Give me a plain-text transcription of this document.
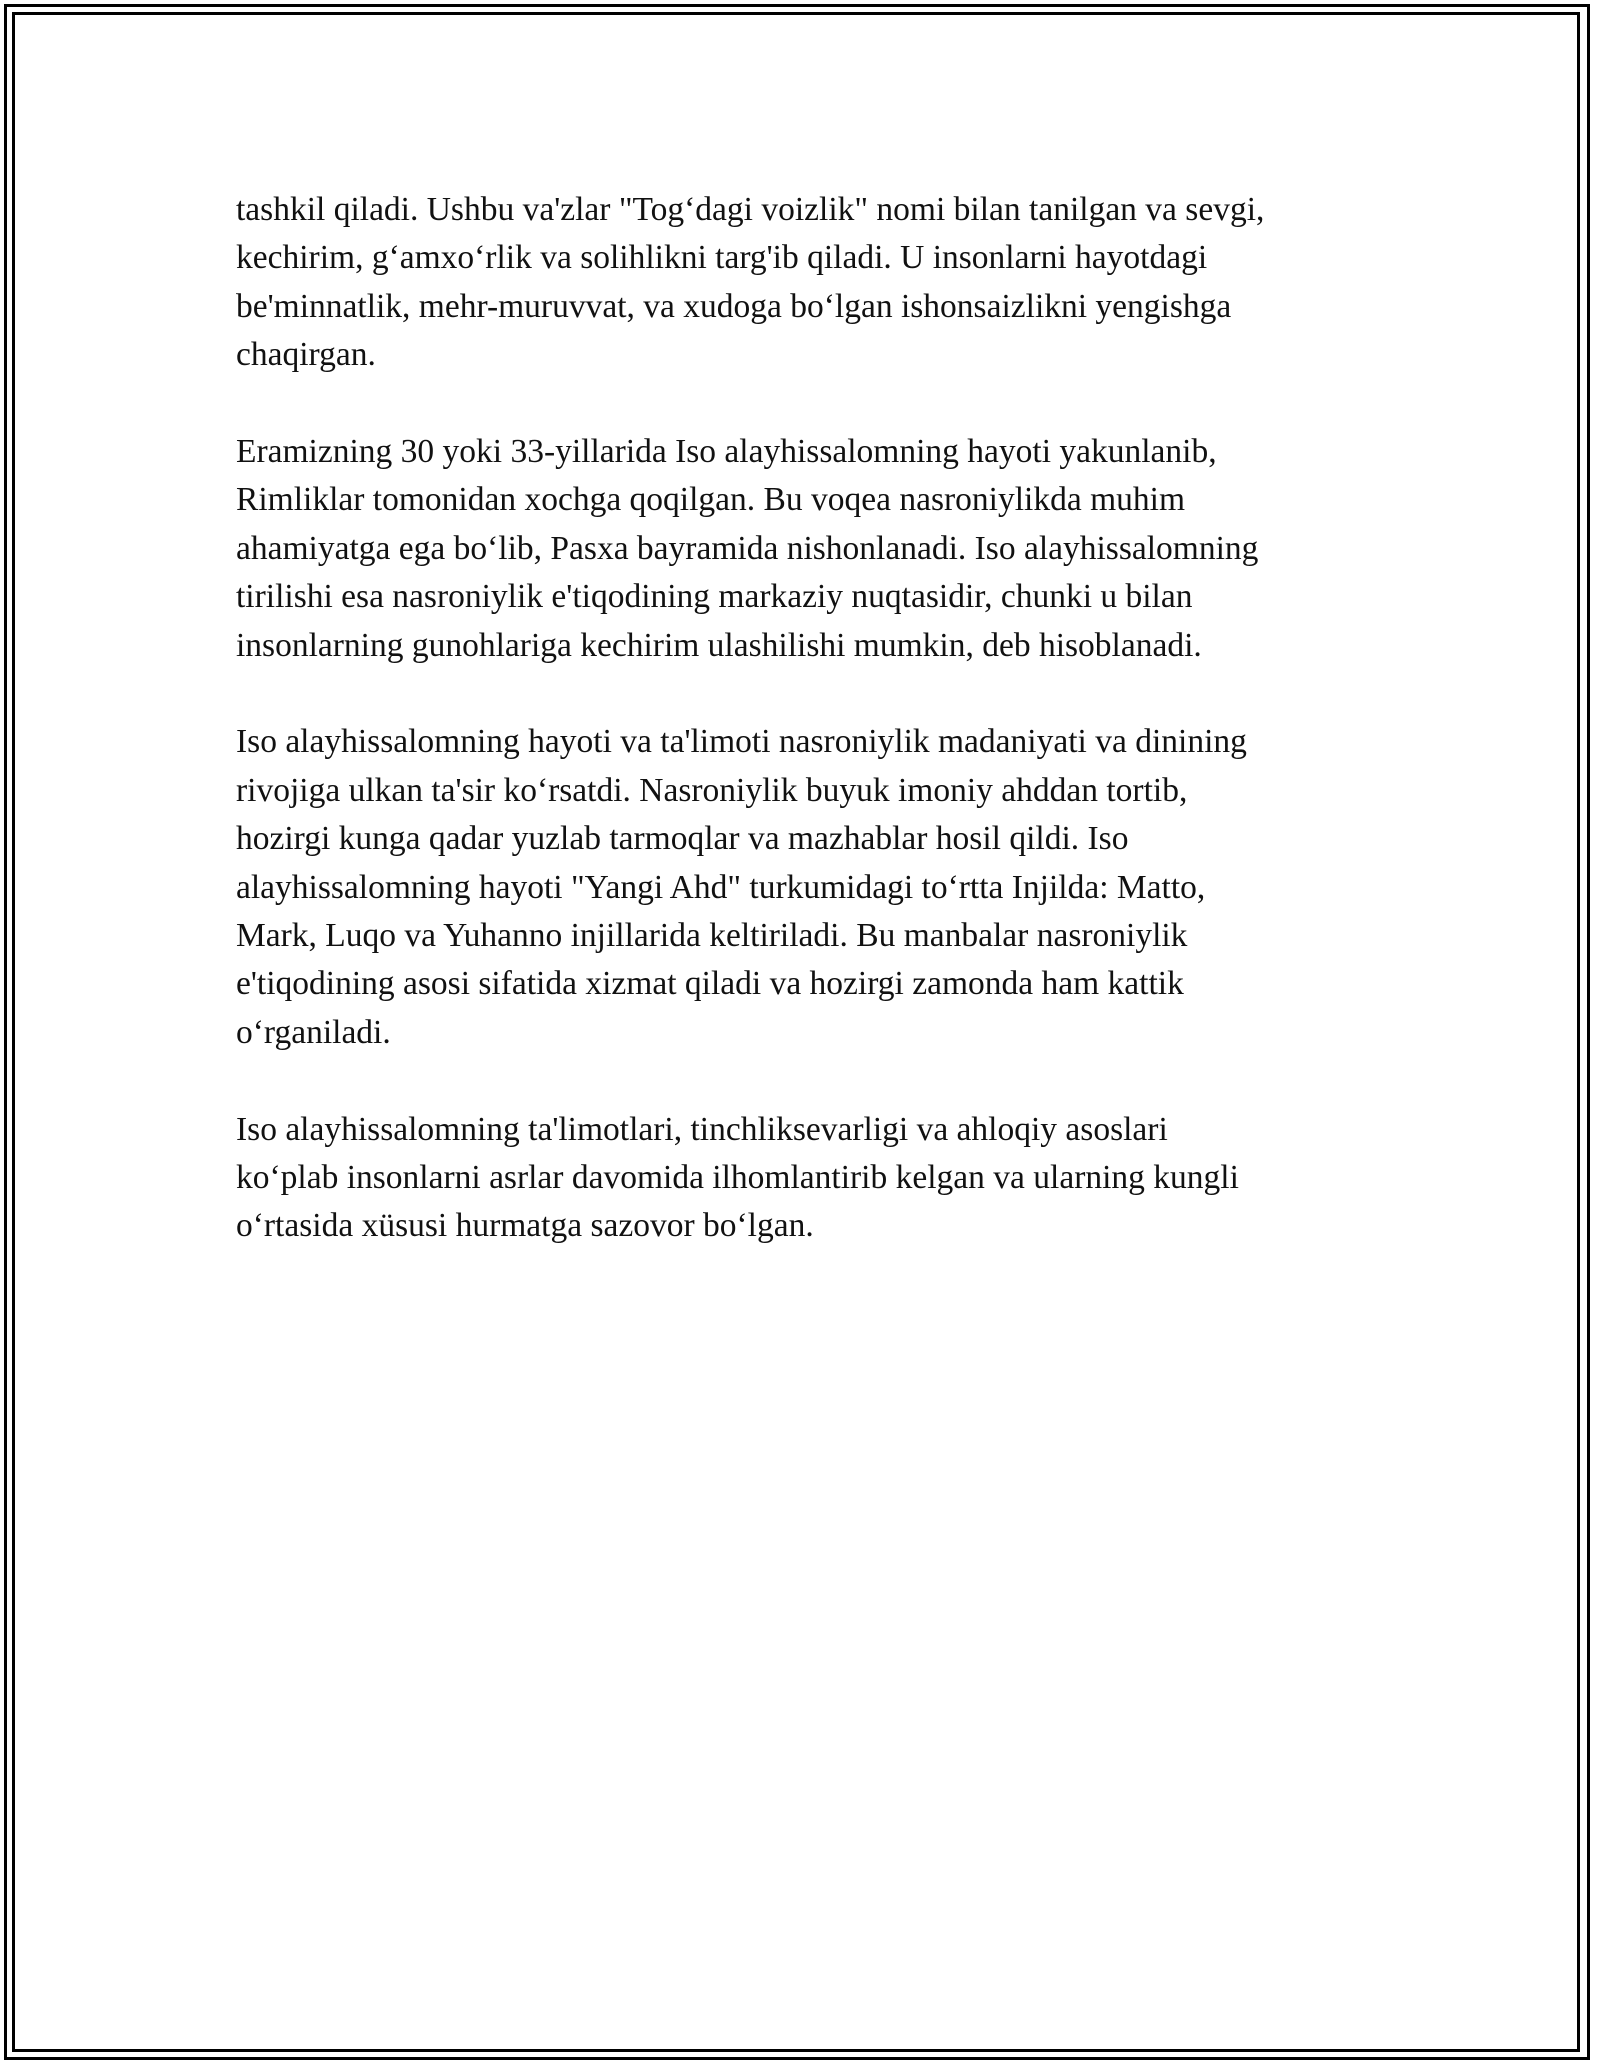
tashkil qiladi. Ushbu va'zlar "Tog‘dagi voizlik" nomi bilan tanilgan va sevgi,
kechirim, g‘amxo‘rlik va solihlikni targ'ib qiladi. U insonlarni hayotdagi
be'minnatlik, mehr-muruvvat, va xudoga bo‘lgan ishonsaizlikni yengishga
chaqirgan.

Eramizning 30 yoki 33-yillarida Iso alayhissalomning hayoti yakunlanib,
Rimliklar tomonidan xochga qoqilgan. Bu voqea nasroniylikda muhim
ahamiyatga ega bo‘lib, Pasxa bayramida nishonlanadi. Iso alayhissalomning
tirilishi esa nasroniylik e'tiqodining markaziy nuqtasidir, chunki u bilan
insonlarning gunohlariga kechirim ulashilishi mumkin, deb hisoblanadi.

Iso alayhissalomning hayoti va ta'limoti nasroniylik madaniyati va dinining
rivojiga ulkan ta'sir ko‘rsatdi. Nasroniylik buyuk imoniy ahddan tortib,
hozirgi kunga qadar yuzlab tarmoqlar va mazhablar hosil qildi. Iso
alayhissalomning hayoti "Yangi Ahd" turkumidagi to‘rtta Injilda: Matto,
Mark, Luqo va Yuhanno injillarida keltiriladi. Bu manbalar nasroniylik
e'tiqodining asosi sifatida xizmat qiladi va hozirgi zamonda ham kattik
o‘rganiladi.

Iso alayhissalomning ta'limotlari, tinchliksevarligi va ahloqiy asoslari
ko‘plab insonlarni asrlar davomida ilhomlantirib kelgan va ularning kungli
o‘rtasida xüsusi hurmatga sazovor bo‘lgan.
